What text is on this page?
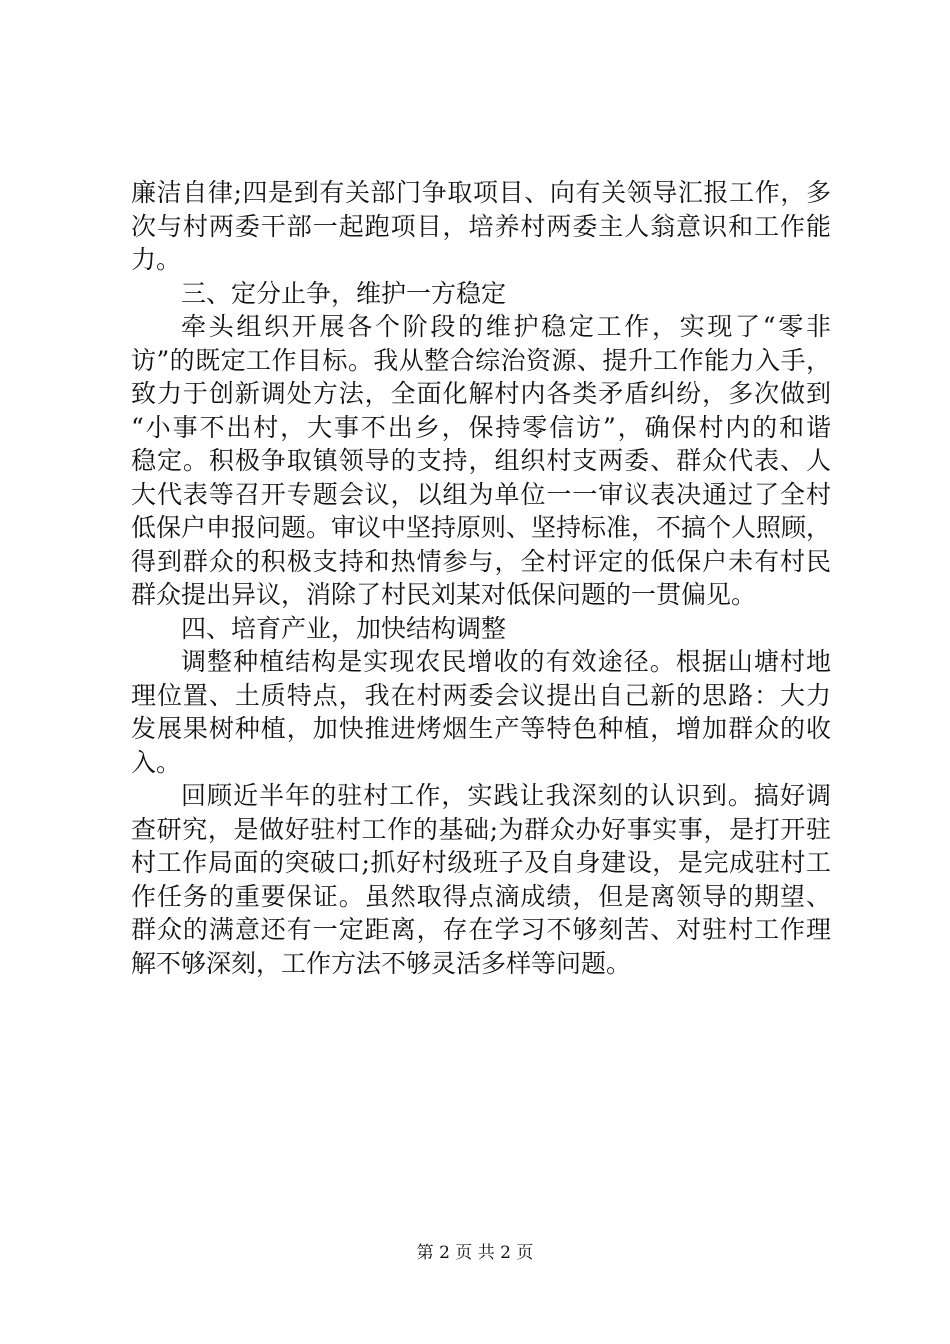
廉洁自律;四是到有关部门争取项目、向有关领导汇报工作，多
次与村两委干部一起跑项目，培养村两委主人翁意识和工作能
力。
三、定分止争，维护一方稳定
牵头组织开展各个阶段的维护稳定工作，实现了“零非
访”的既定工作目标。我从整合综治资源、提升工作能力入手，
致力于创新调处方法，全面化解村内各类矛盾纠纷，多次做到
“小事不出村，大事不出乡，保持零信访”，确保村内的和谐
稳定。积极争取镇领导的支持，组织村支两委、群众代表、人
大代表等召开专题会议，以组为单位一一审议表决通过了全村
低保户申报问题。审议中坚持原则、坚持标准，不搞个人照顾，
得到群众的积极支持和热情参与，全村评定的低保户未有村民
群众提出异议，消除了村民刘某对低保问题的一贯偏见。
四、培育产业，加快结构调整
调整种植结构是实现农民增收的有效途径。根据山塘村地
理位置、土质特点，我在村两委会议提出自己新的思路：大力
发展果树种植，加快推进烤烟生产等特色种植，增加群众的收
入。
回顾近半年的驻村工作，实践让我深刻的认识到。搞好调
查研究，是做好驻村工作的基础;为群众办好事实事，是打开驻
村工作局面的突破口;抓好村级班子及自身建设，是完成驻村工
作任务的重要保证。虽然取得点滴成绩，但是离领导的期望、
群众的满意还有一定距离，存在学习不够刻苦、对驻村工作理
解不够深刻，工作方法不够灵活多样等问题。
第 2 页 共 2 页
